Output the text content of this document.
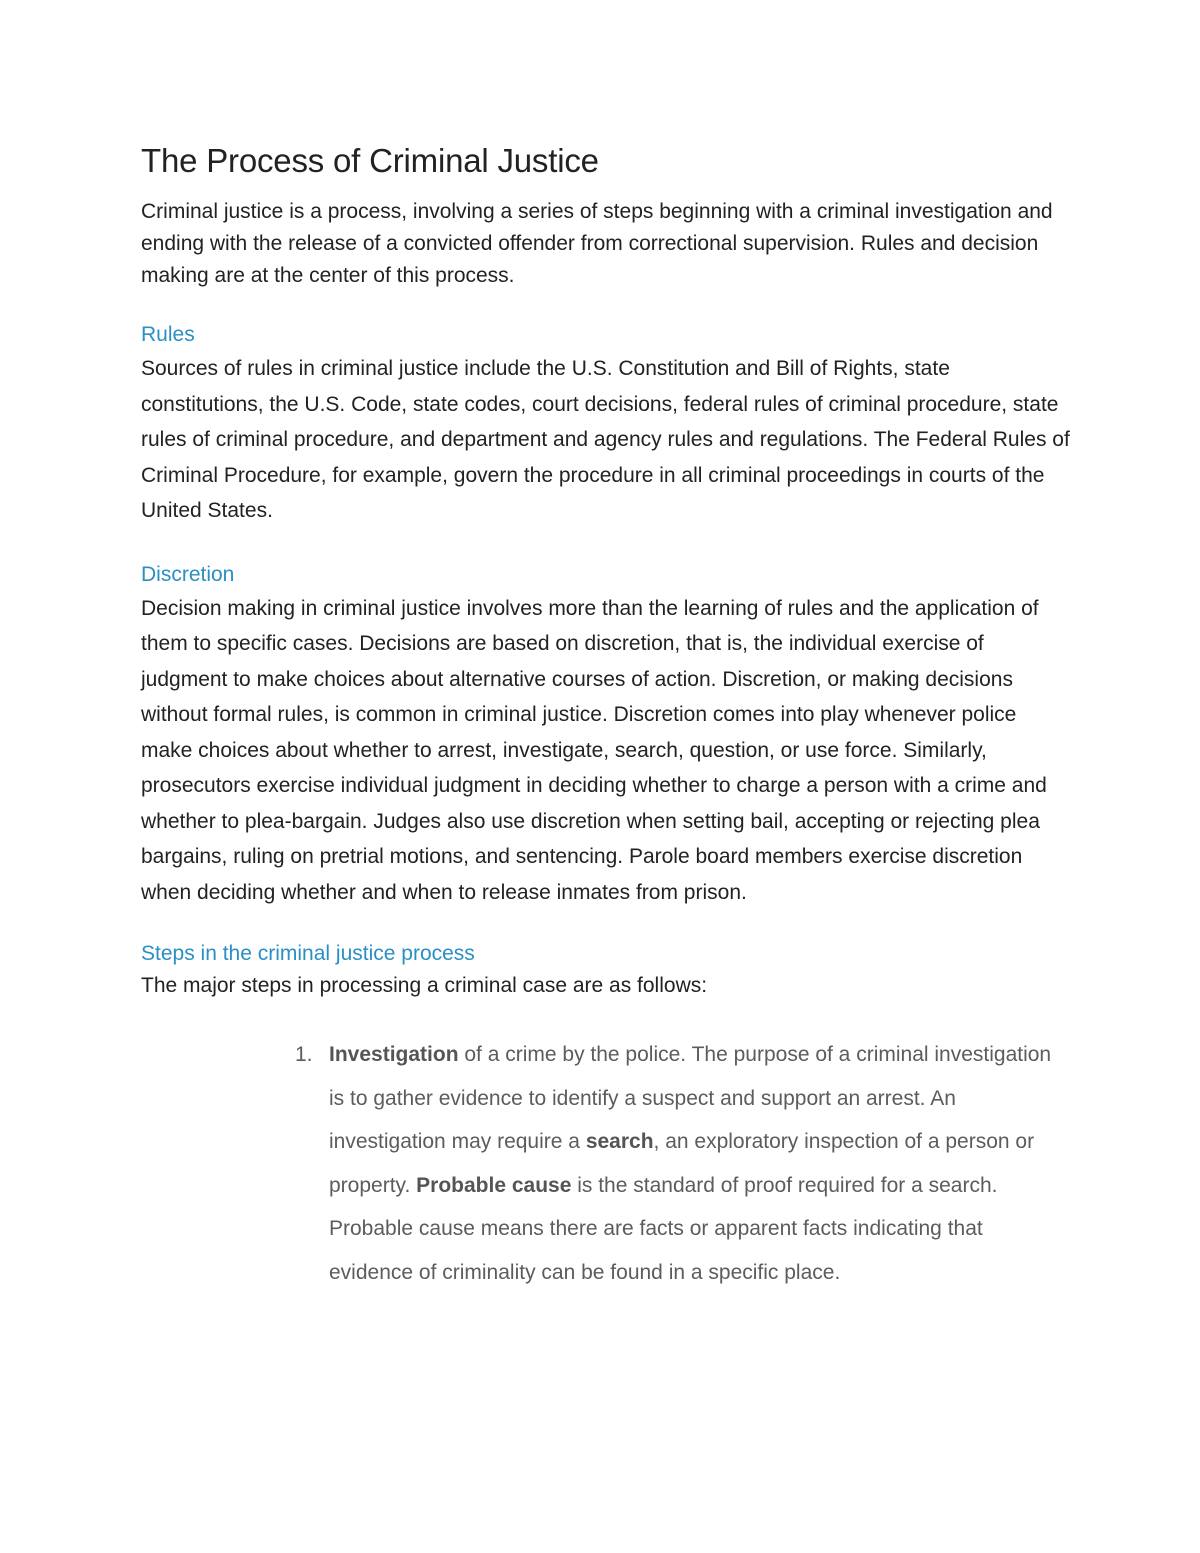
The Process of Criminal Justice

Criminal justice is a process, involving a series of steps beginning with a criminal investigation and ending with the release of a convicted offender from correctional supervision. Rules and decision making are at the center of this process.

Rules

Sources of rules in criminal justice include the U.S. Constitution and Bill of Rights, state constitutions, the U.S. Code, state codes, court decisions, federal rules of criminal procedure, state rules of criminal procedure, and department and agency rules and regulations. The Federal Rules of Criminal Procedure, for example, govern the procedure in all criminal proceedings in courts of the United States.

Discretion

Decision making in criminal justice involves more than the learning of rules and the application of them to specific cases. Decisions are based on discretion, that is, the individual exercise of judgment to make choices about alternative courses of action. Discretion, or making decisions without formal rules, is common in criminal justice. Discretion comes into play whenever police make choices about whether to arrest, investigate, search, question, or use force. Similarly, prosecutors exercise individual judgment in deciding whether to charge a person with a crime and whether to plea-bargain. Judges also use discretion when setting bail, accepting or rejecting plea bargains, ruling on pretrial motions, and sentencing. Parole board members exercise discretion when deciding whether and when to release inmates from prison.

Steps in the criminal justice process

The major steps in processing a criminal case are as follows:

1. Investigation of a crime by the police. The purpose of a criminal investigation is to gather evidence to identify a suspect and support an arrest. An investigation may require a search, an exploratory inspection of a person or property. Probable cause is the standard of proof required for a search. Probable cause means there are facts or apparent facts indicating that evidence of criminality can be found in a specific place.
